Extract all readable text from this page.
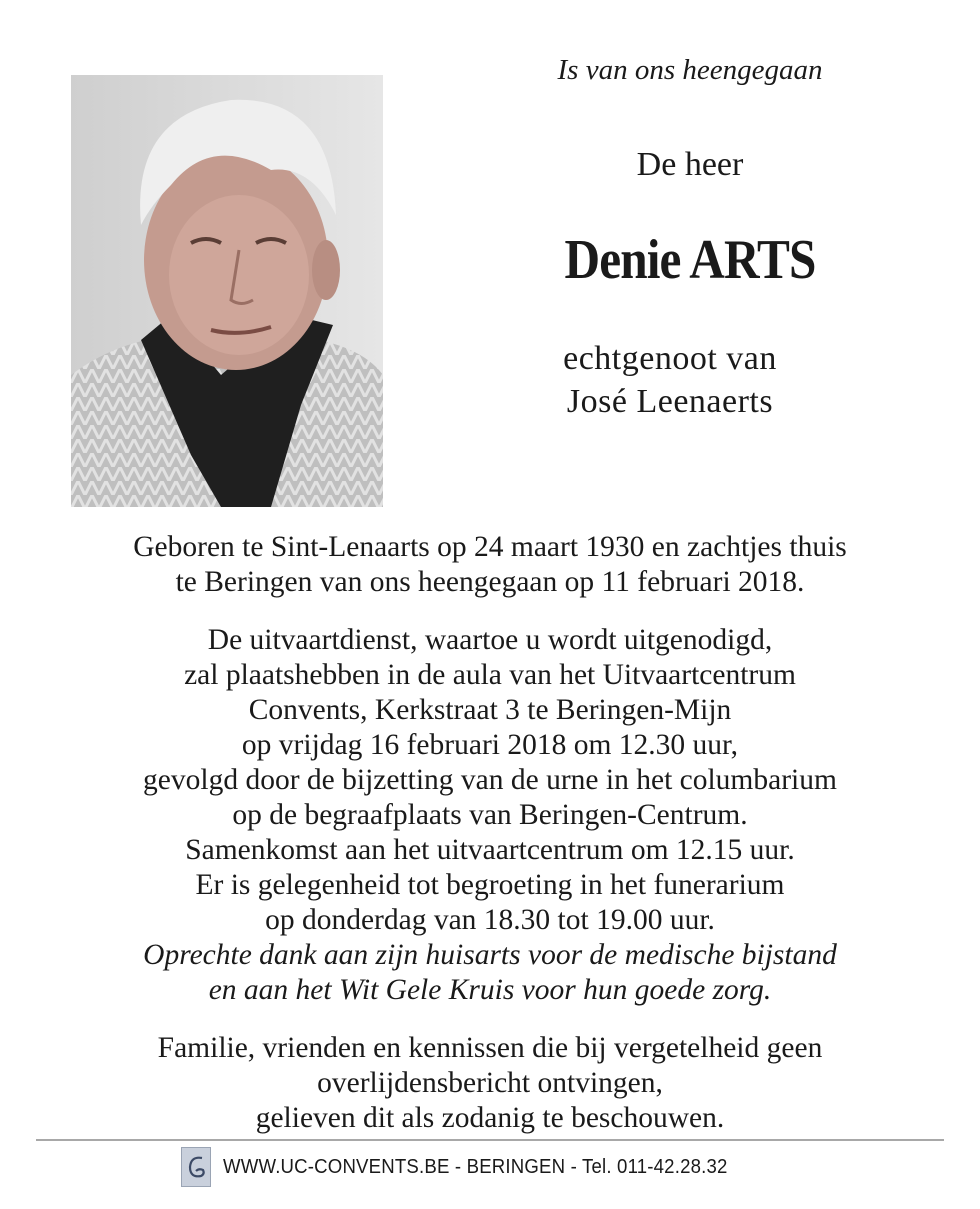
Is van ons heengegaan
De heer
Denie ARTS
echtgenoot van
José Leenaerts
Geboren te Sint-Lenaarts op 24 maart 1930 en zachtjes thuis
te Beringen van ons heengegaan op 11 februari 2018.
De uitvaartdienst, waartoe u wordt uitgenodigd,
zal plaatshebben in de aula van het Uitvaartcentrum
Convents, Kerkstraat 3 te Beringen-Mijn
op vrijdag 16 februari 2018 om 12.30 uur,
gevolgd door de bijzetting van de urne in het columbarium
op de begraafplaats van Beringen-Centrum.
Samenkomst aan het uitvaartcentrum om 12.15 uur.
Er is gelegenheid tot begroeting in het funerarium
op donderdag van 18.30 tot 19.00 uur.
Oprechte dank aan zijn huisarts voor de medische bijstand
en aan het Wit Gele Kruis voor hun goede zorg.
Familie, vrienden en kennissen die bij vergetelheid geen
overlijdensbericht ontvingen,
gelieven dit als zodanig te beschouwen.
WWW.UC-CONVENTS.BE - BERINGEN - Tel. 011-42.28.32
